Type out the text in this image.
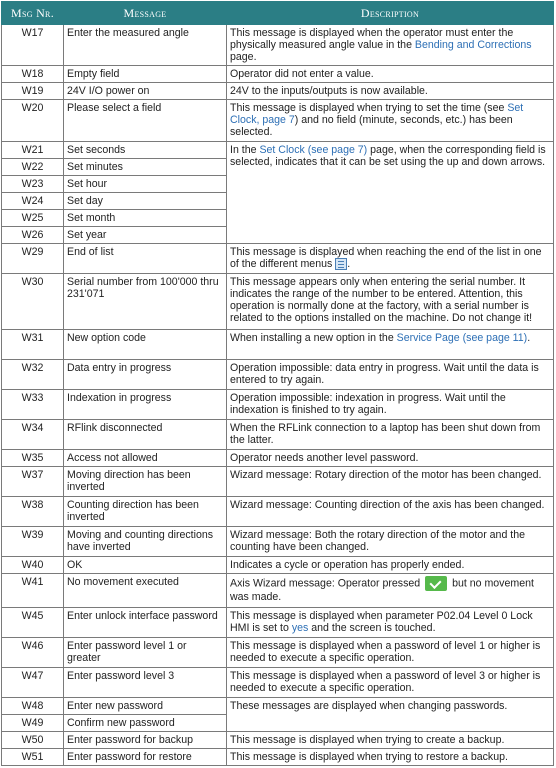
Msg Nr.	Message	Description
W17	Enter the measured angle	This message is displayed when the operator must enter the physically measured angle value in the Bending and Corrections page.
W18	Empty field	Operator did not enter a value.
W19	24V I/O power on	24V to the inputs/outputs is now available.
W20	Please select a field	This message is displayed when trying to set the time (see Set Clock, page 7) and no field (minute, seconds, etc.) has been selected.
W21	Set seconds	In the Set Clock (see page 7) page, when the corresponding field is selected, indicates that it can be set using the up and down arrows.
W22	Set minutes	
W23	Set hour	
W24	Set day	
W25	Set month	
W26	Set year	
W29	End of list	This message is displayed when reaching the end of the list in one of the different menus
.
W30	Serial number from 100'000 thru 231'071	This message appears only when entering the serial number. It indicates the range of the number to be entered. Attention, this operation is normally done at the factory, with a serial number is related to the options installed on the machine. Do not change it!
W31	New option code	When installing a new option in the Service Page (see page 11).
W32	Data entry in progress	Operation impossible: data entry in progress. Wait until the data is entered to try again.
W33	Indexation in progress	Operation impossible: indexation in progress. Wait until the indexation is finished to try again.
W34	RFlink disconnected	When the RFLink connection to a laptop has been shut down from the latter.
W35	Access not allowed	Operator needs another level password.
W37	Moving direction has been inverted	Wizard message: Rotary direction of the motor has been changed.
W38	Counting direction has been inverted	Wizard message: Counting direction of the axis has been changed.
W39	Moving and counting directions have inverted	Wizard message: Both the rotary direction of the motor and the counting have been changed.
W40	OK	Indicates a cycle or operation has properly ended.
W41	No movement executed	Axis Wizard message: Operator pressed  but no movement was made.
W45	Enter unlock interface password	This message is displayed when parameter P02.04 Level 0 Lock HMI is set to yes and the screen is touched.
W46	Enter password level 1 or greater	This message is displayed when a password of level 1 or higher is needed to execute a specific operation.
W47	Enter password level 3	This message is displayed when a password of level 3 or higher is needed to execute a specific operation.
W48	Enter new password	These messages are displayed when changing passwords.
W49	Confirm new password	
W50	Enter password for backup	This message is displayed when trying to create a backup.
W51	Enter password for restore	This message is displayed when trying to restore a backup.
